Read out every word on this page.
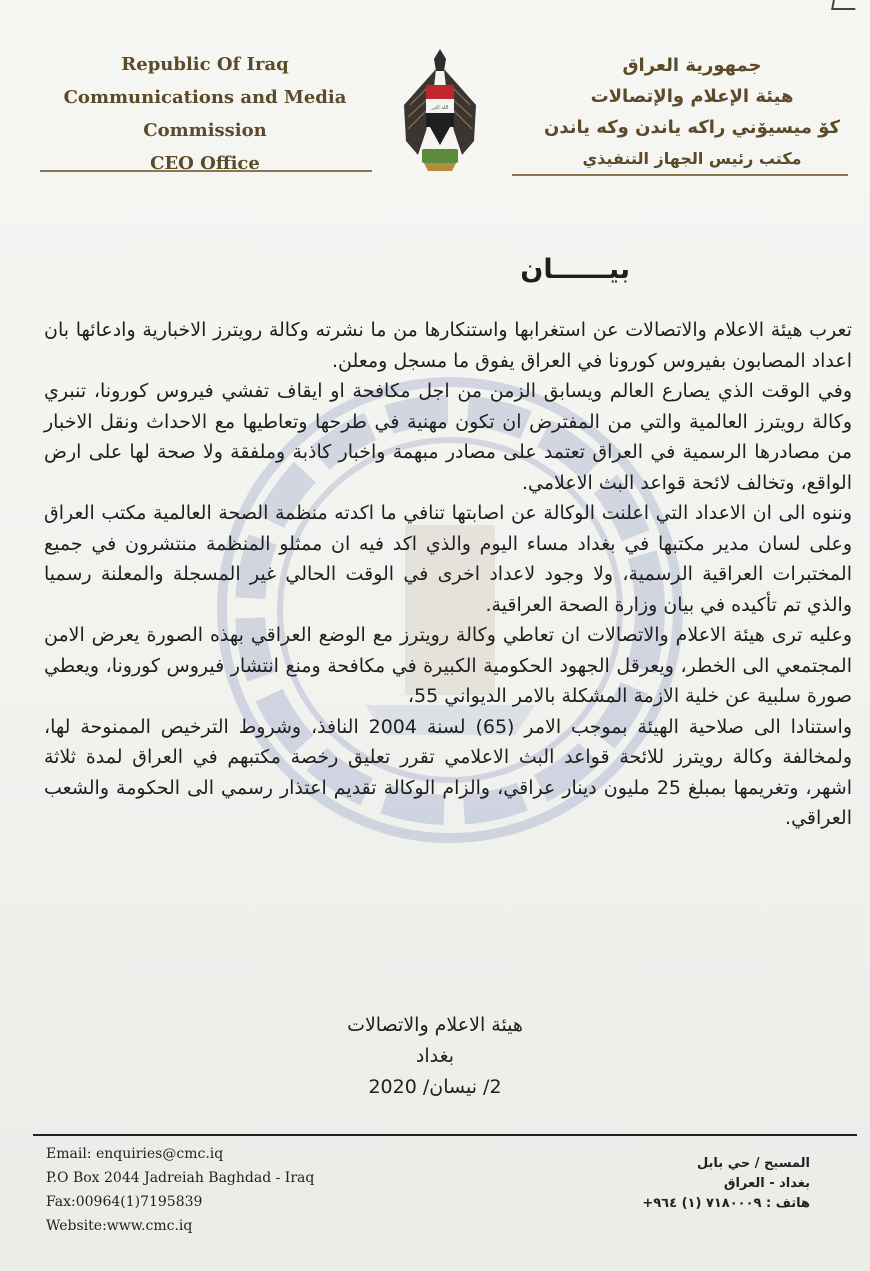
Republic Of Iraq
Communications and Media
Commission
CEO Office
الله اكبر
جمهورية العراق
هيئة الإعلام والإتصالات
كۆ ميسيۆني راكه ياندن وكه ياندن
مكتب رئيس الجهاز التنفيذي
بيــــــان

تعرب هيئة الاعلام والاتصالات عن استغرابها واستنكارها من ما نشرته وكالة رويترز الاخبارية وادعائها بان اعداد المصابون بفيروس كورونا في العراق يفوق ما مسجل ومعلن.

وفي الوقت الذي يصارع العالم ويسابق الزمن من اجل مكافحة او ايقاف تفشي فيروس كورونا، تنبري وكالة رويترز العالمية والتي من المفترض ان تكون مهنية في طرحها وتعاطيها مع الاحداث ونقل الاخبار من مصادرها الرسمية في العراق تعتمد على مصادر مبهمة واخبار كاذبة وملفقة ولا صحة لها على ارض الواقع، وتخالف لائحة قواعد البث الاعلامي.

وننوه الى ان الاعداد التي اعلنت الوكالة عن اصابتها تنافي ما اكدته منظمة الصحة العالمية مكتب العراق وعلى لسان مدير مكتبها في بغداد مساء اليوم والذي اكد فيه ان ممثلو المنظمة منتشرون في جميع المختبرات العراقية الرسمية، ولا وجود لاعداد اخرى في الوقت الحالي غير المسجلة والمعلنة رسميا والذي تم تأكيده في بيان وزارة الصحة العراقية.

وعليه ترى هيئة الاعلام والاتصالات ان تعاطي وكالة رويترز مع الوضع العراقي بهذه الصورة يعرض الامن المجتمعي الى الخطر، ويعرقل الجهود الحكومية الكبيرة في مكافحة ومنع انتشار فيروس كورونا، ويعطي صورة سلبية عن خلية الازمة المشكلة بالامر الديواني 55،

واستنادا الى صلاحية الهيئة بموجب الامر (65) لسنة 2004 النافذ، وشروط الترخيص الممنوحة لها، ولمخالفة وكالة رويترز للائحة قواعد البث الاعلامي تقرر تعليق رخصة مكتبهم في العراق لمدة ثلاثة اشهر، وتغريمها بمبلغ 25 مليون دينار عراقي، والزام الوكالة تقديم اعتذار رسمي الى الحكومة والشعب العراقي.

هيئة الاعلام والاتصالات
بغداد
2/ نيسان/ 2020
Email: enquiries@cmc.iq
P.O Box 2044 Jadreiah Baghdad - Iraq
Fax:00964(1)7195839
Website:www.cmc.iq
المسبح / حي بابل
بغداد - العراق
هاتف : ٧١٨٠٠٠٩ (١) ٩٦٤+
